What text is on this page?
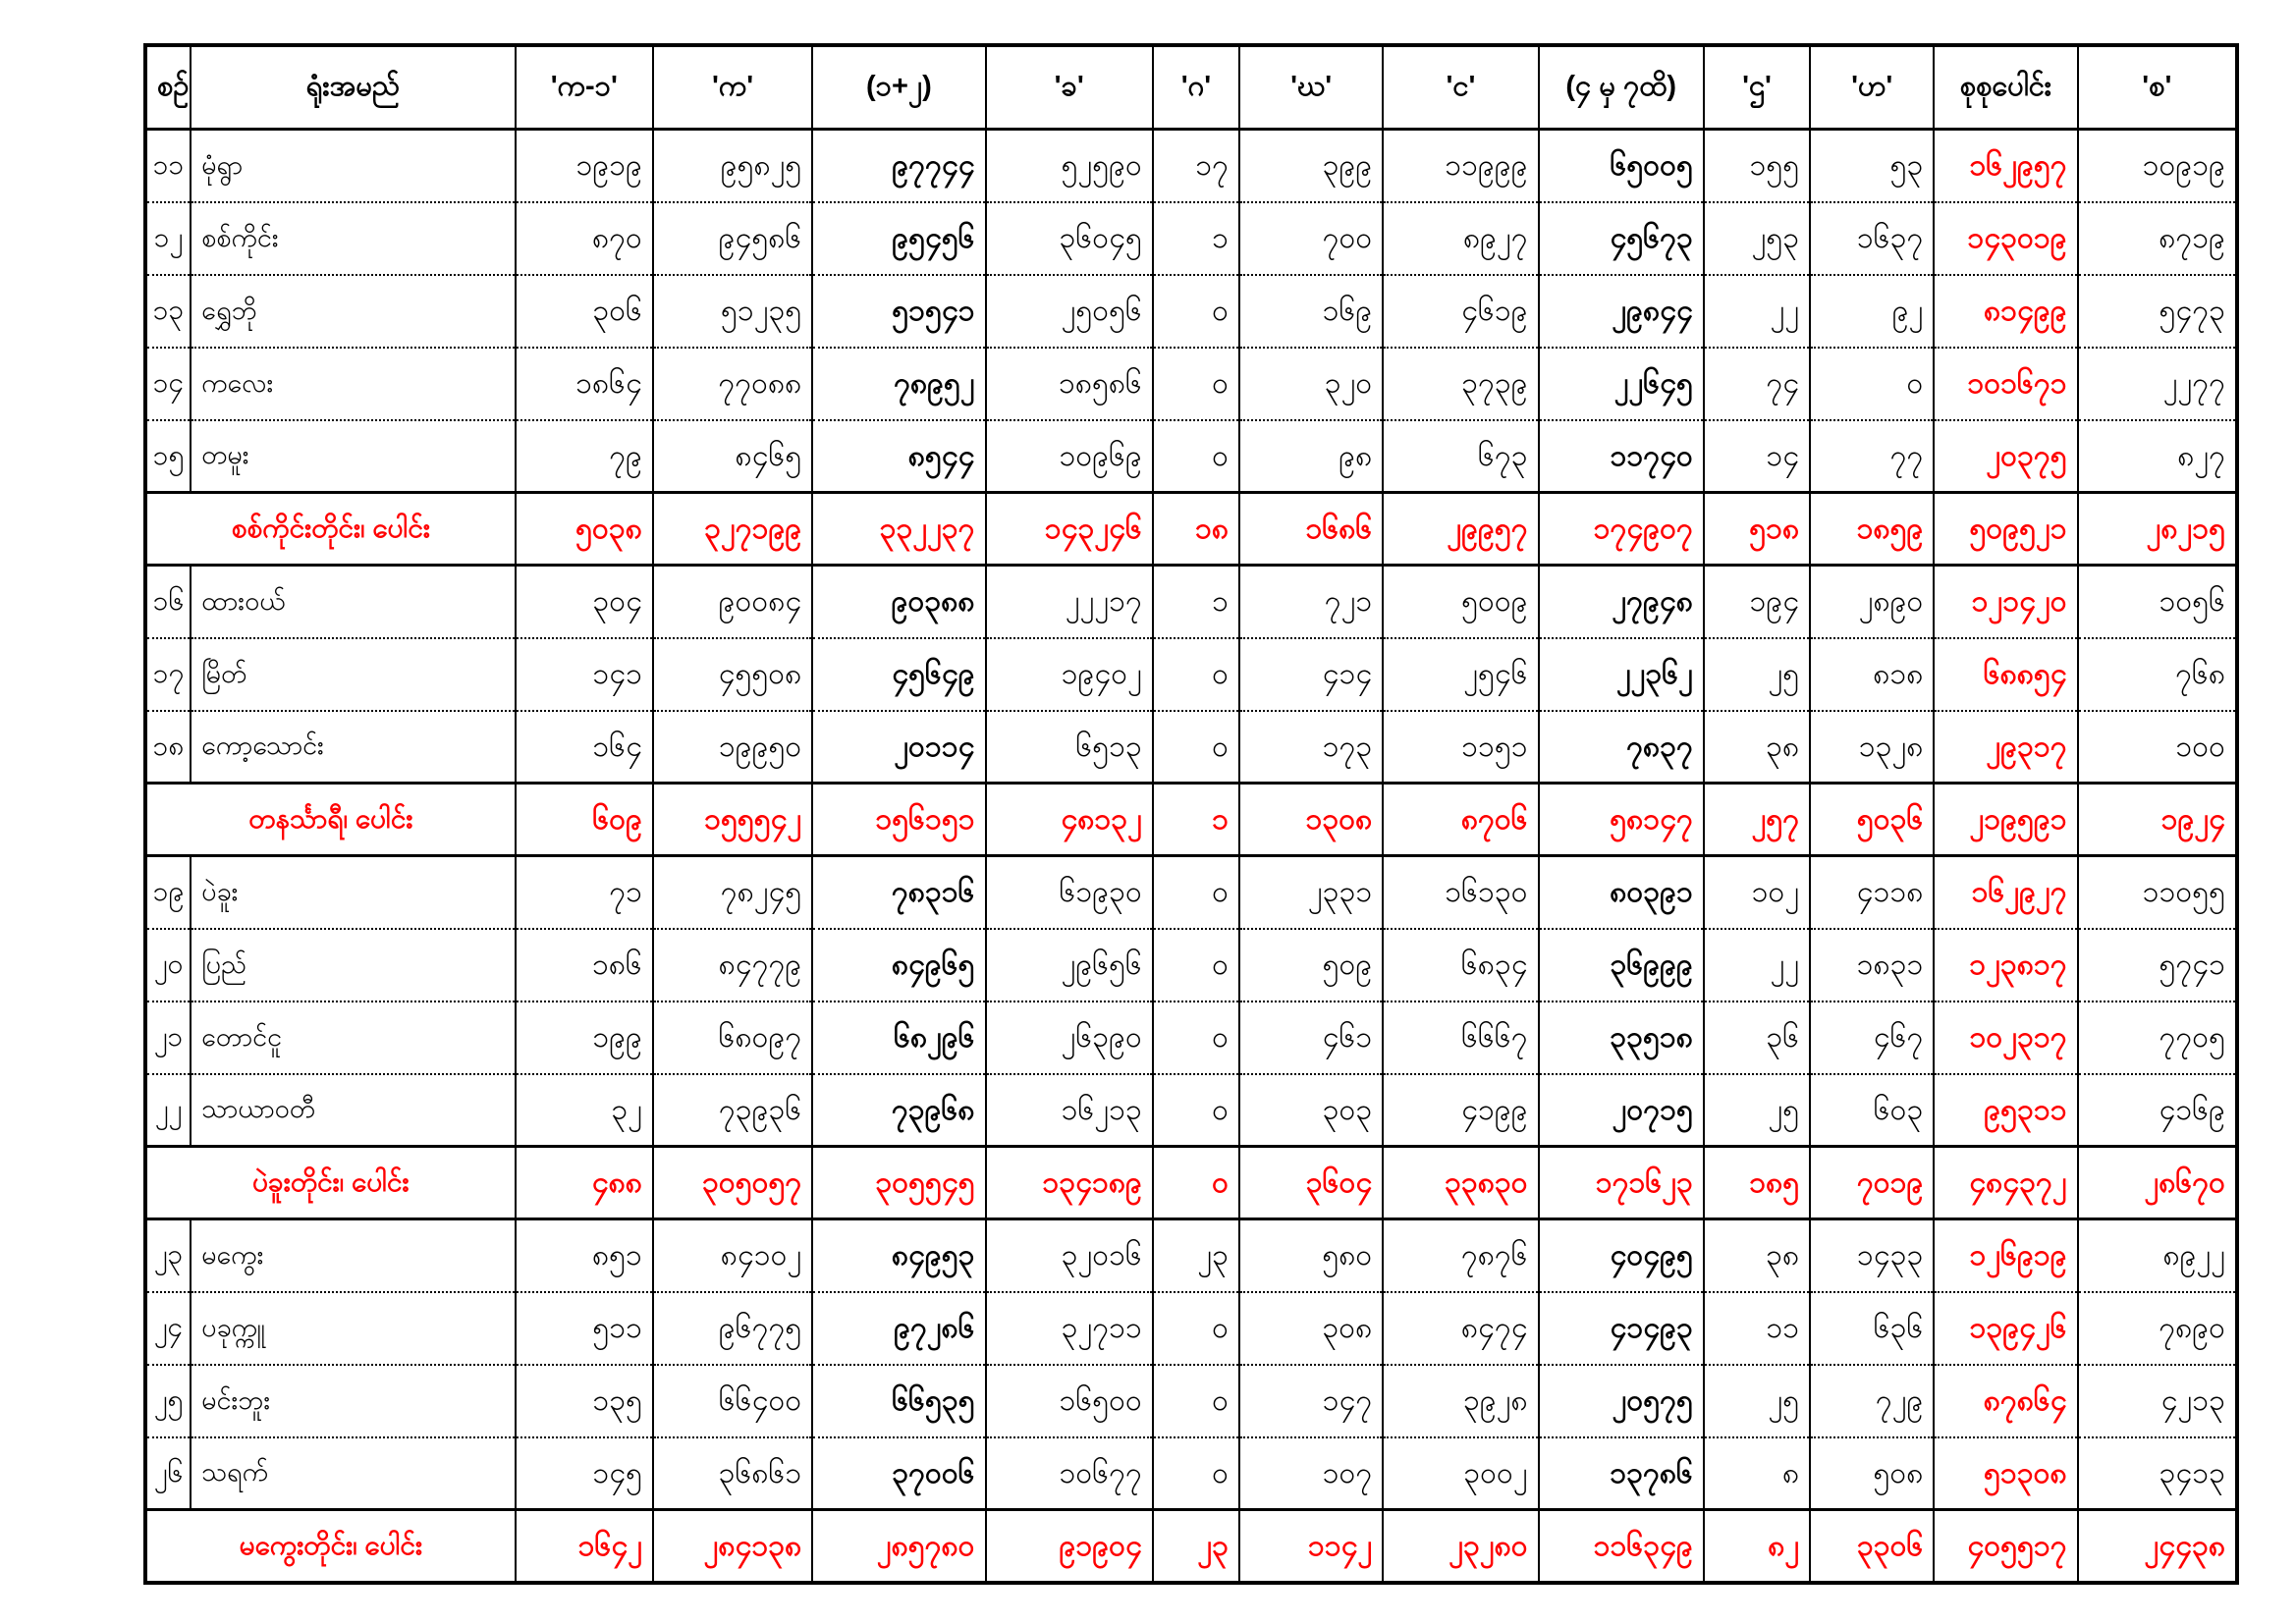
စဉ်	ရုံးအမည်	'က-၁'	'က'	(၁+၂)	'ခ'	'ဂ'	'ဃ'	'င'	(၄ မှ ၇ထိ)	'ဌ'	'ဟ'	စုစုပေါင်း	'စ'
၁၁	မုံရွာ	၁၉၁၉	၉၅၈၂၅	၉၇၇၄၄	၅၂၅၉၀	၁၇	၃၉၉	၁၁၉၉၉	၆၅၀၀၅	၁၅၅	၅၃	၁၆၂၉၅၇	၁၀၉၁၉
၁၂	စစ်ကိုင်း	၈၇၀	၉၄၅၈၆	၉၅၄၅၆	၃၆၀၄၅	၁	၇၀၀	၈၉၂၇	၄၅၆၇၃	၂၅၃	၁၆၃၇	၁၄၃၀၁၉	၈၇၁၉
၁၃	ရွှေဘို	၃၀၆	၅၁၂၃၅	၅၁၅၄၁	၂၅၀၅၆	၀	၁၆၉	၄၆၁၉	၂၉၈၄၄	၂၂	၉၂	၈၁၄၉၉	၅၄၇၃
၁၄	ကလေး	၁၈၆၄	၇၇၀၈၈	၇၈၉၅၂	၁၈၅၈၆	၀	၃၂၀	၃၇၃၉	၂၂၆၄၅	၇၄	၀	၁၀၁၆၇၁	၂၂၇၇
၁၅	တမူး	၇၉	၈၄၆၅	၈၅၄၄	၁၀၉၆၉	၀	၉၈	၆၇၃	၁၁၇၄၀	၁၄	၇၇	၂၀၃၇၅	၈၂၇
စစ်ကိုင်းတိုင်း၊ ပေါင်း		၅၀၃၈	၃၂၇၁၉၉	၃၃၂၂၃၇	၁၄၃၂၄၆	၁၈	၁၆၈၆	၂၉၉၅၇	၁၇၄၉၀၇	၅၁၈	၁၈၅၉	၅၀၉၅၂၁	၂၈၂၁၅
၁၆	ထားဝယ်	၃၀၄	၉၀၀၈၄	၉၀၃၈၈	၂၂၂၁၇	၁	၇၂၁	၅၀၀၉	၂၇၉၄၈	၁၉၄	၂၈၉၀	၁၂၁၄၂၀	၁၀၅၆
၁၇	မြိတ်	၁၄၁	၄၅၅၀၈	၄၅၆၄၉	၁၉၄၀၂	၀	၄၁၄	၂၅၄၆	၂၂၃၆၂	၂၅	၈၁၈	၆၈၈၅၄	၇၆၈
၁၈	ကော့သောင်း	၁၆၄	၁၉၉၅၀	၂၀၁၁၄	၆၅၁၃	၀	၁၇၃	၁၁၅၁	၇၈၃၇	၃၈	၁၃၂၈	၂၉၃၁၇	၁၀၀
တနင်္သာရီ၊ ပေါင်း		၆၀၉	၁၅၅၅၄၂	၁၅၆၁၅၁	၄၈၁၃၂	၁	၁၃၀၈	၈၇၀၆	၅၈၁၄၇	၂၅၇	၅၀၃၆	၂၁၉၅၉၁	၁၉၂၄
၁၉	ပဲခူး	၇၁	၇၈၂၄၅	၇၈၃၁၆	၆၁၉၃၀	၀	၂၃၃၁	၁၆၁၃၀	၈၀၃၉၁	၁၀၂	၄၁၁၈	၁၆၂၉၂၇	၁၁၀၅၅
၂၀	ပြည်	၁၈၆	၈၄၇၇၉	၈၄၉၆၅	၂၉၆၅၆	၀	၅၀၉	၆၈၃၄	၃၆၉၉၉	၂၂	၁၈၃၁	၁၂၃၈၁၇	၅၇၄၁
၂၁	တောင်ငူ	၁၉၉	၆၈၀၉၇	၆၈၂၉၆	၂၆၃၉၀	၀	၄၆၁	၆၆၆၇	၃၃၅၁၈	၃၆	၄၆၇	၁၀၂၃၁၇	၇၇၀၅
၂၂	သာယာဝတီ	၃၂	၇၃၉၃၆	၇၃၉၆၈	၁၆၂၁၃	၀	၃၀၃	၄၁၉၉	၂၀၇၁၅	၂၅	၆၀၃	၉၅၃၁၁	၄၁၆၉
ပဲခူးတိုင်း၊ ပေါင်း		၄၈၈	၃၀၅၀၅၇	၃၀၅၅၄၅	၁၃၄၁၈၉	၀	၃၆၀၄	၃၃၈၃၀	၁၇၁၆၂၃	၁၈၅	၇၀၁၉	၄၈၄၃၇၂	၂၈၆၇၀
၂၃	မကွေး	၈၅၁	၈၄၁၀၂	၈၄၉၅၃	၃၂၀၁၆	၂၃	၅၈၀	၇၈၇၆	၄၀၄၉၅	၃၈	၁၄၃၃	၁၂၆၉၁၉	၈၉၂၂
၂၄	ပခုက္ကူ	၅၁၁	၉၆၇၇၅	၉၇၂၈၆	၃၂၇၁၁	၀	၃၀၈	၈၄၇၄	၄၁၄၉၃	၁၁	၆၃၆	၁၃၉၄၂၆	၇၈၉၀
၂၅	မင်းဘူး	၁၃၅	၆၆၄၀၀	၆၆၅၃၅	၁၆၅၀၀	၀	၁၄၇	၃၉၂၈	၂၀၅၇၅	၂၅	၇၂၉	၈၇၈၆၄	၄၂၁၃
၂၆	သရက်	၁၄၅	၃၆၈၆၁	၃၇၀၀၆	၁၀၆၇၇	၀	၁၀၇	၃၀၀၂	၁၃၇၈၆	၈	၅၀၈	၅၁၃၀၈	၃၄၁၃
မကွေးတိုင်း၊ ပေါင်း		၁၆၄၂	၂၈၄၁၃၈	၂၈၅၇၈၀	၉၁၉၀၄	၂၃	၁၁၄၂	၂၃၂၈၀	၁၁၆၃၄၉	၈၂	၃၃၀၆	၄၀၅၅၁၇	၂၄၄၃၈
